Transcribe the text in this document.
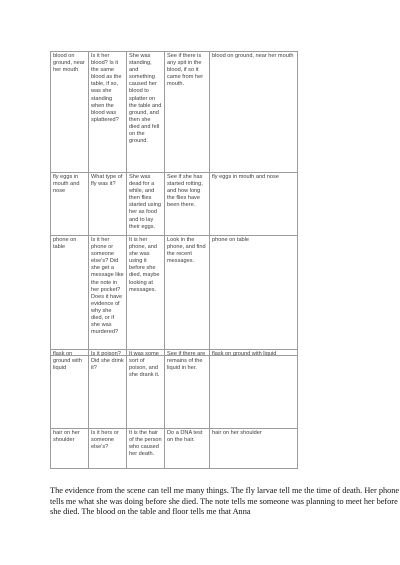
blood on ground, near her mouth	Is it her blood? Is it the same blood as the table, if so, was she standing when the blood was splattered?	She was standing, and something caused her blood to splatter on the table and ground, and then she died and fell on the ground.	See if there is any spit in the blood, if so it came from her mouth.	blood on ground, near her mouth
fly eggs in mouth and nose	What type of fly was it?	She was dead for a while, and then flies started using her as food and to lay their eggs.	See if she has started rotting, and how long the flies have been there.	fly eggs in mouth and nose
phone on table	Is it her phone or someone else's? Did she get a message like the note in her pocket? Does it have evidence of why she died, or if she was murdered?	It is her phone, and she was using it before she died, maybe looking at messages.	Look in the phone, and find the recent messages.	phone on table
flask on ground with liquid	Is it poison? Did she drink it?	It was some sort of poison, and she drank it.	See if there are remains of the liquid in her.	flask on ground with liquid
hair on her shoulder	Is it hers or someone else's?	It is the hair of the person who caused her death.	Do a DNA test on the hair.	hair on her shoulder

The evidence from the scene can tell me many things. The fly larvae tell me the time of death. Her phone tells me what she was doing before she died. The note tells me someone was planning to meet her before she died. The blood on the table and floor tells me that Anna
